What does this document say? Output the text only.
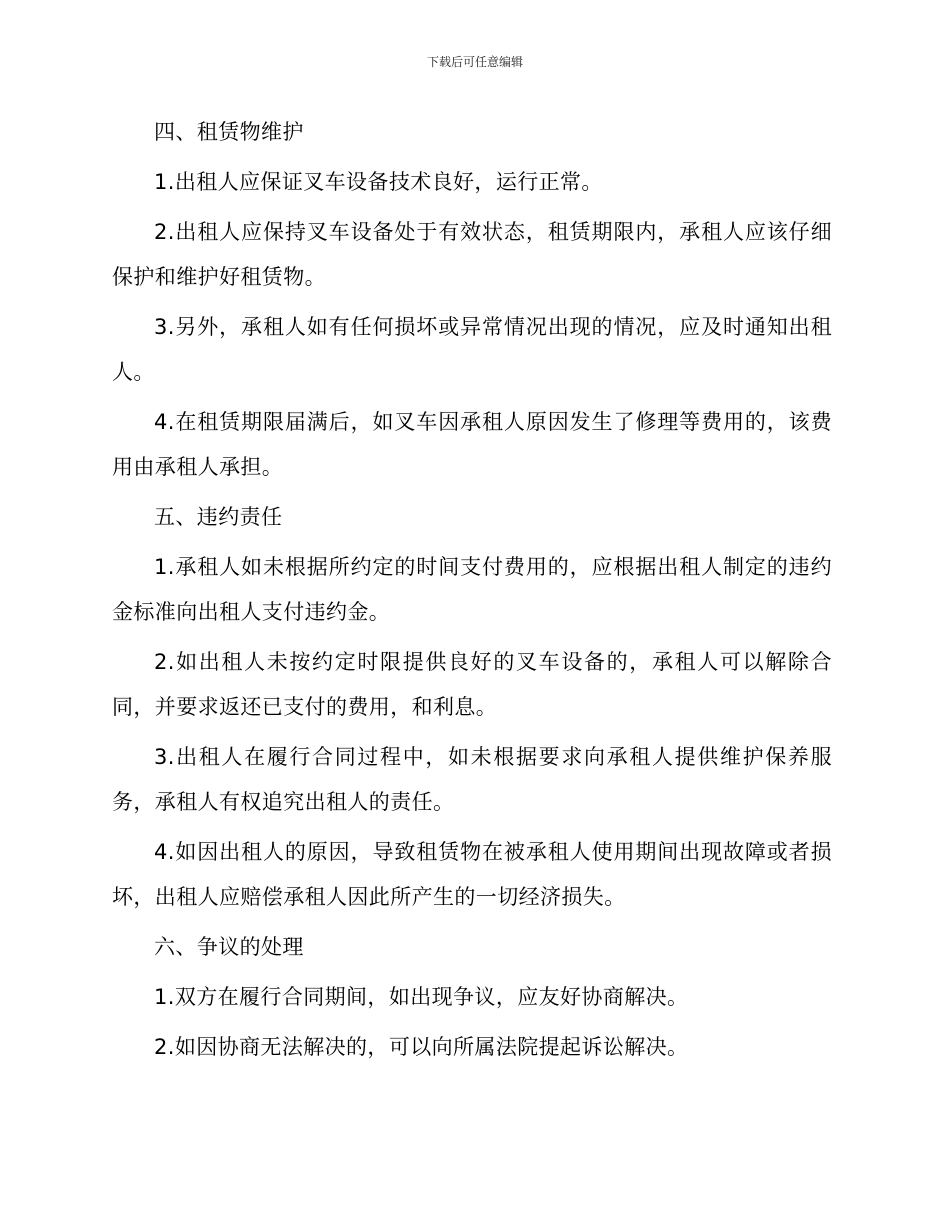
下载后可任意编辑

四、租赁物维护

1.出租人应保证叉车设备技术良好，运行正常。

2.出租人应保持叉车设备处于有效状态，租赁期限内，承租人应该仔细保护和维护好租赁物。

3.另外，承租人如有任何损坏或异常情况出现的情况，应及时通知出租人。

4.在租赁期限届满后，如叉车因承租人原因发生了修理等费用的，该费用由承租人承担。

五、违约责任

1.承租人如未根据所约定的时间支付费用的，应根据出租人制定的违约金标准向出租人支付违约金。

2.如出租人未按约定时限提供良好的叉车设备的，承租人可以解除合同，并要求返还已支付的费用，和利息。

3.出租人在履行合同过程中，如未根据要求向承租人提供维护保养服务，承租人有权追究出租人的责任。

4.如因出租人的原因，导致租赁物在被承租人使用期间出现故障或者损坏，出租人应赔偿承租人因此所产生的一切经济损失。

六、争议的处理

1.双方在履行合同期间，如出现争议，应友好协商解决。

2.如因协商无法解决的，可以向所属法院提起诉讼解决。
